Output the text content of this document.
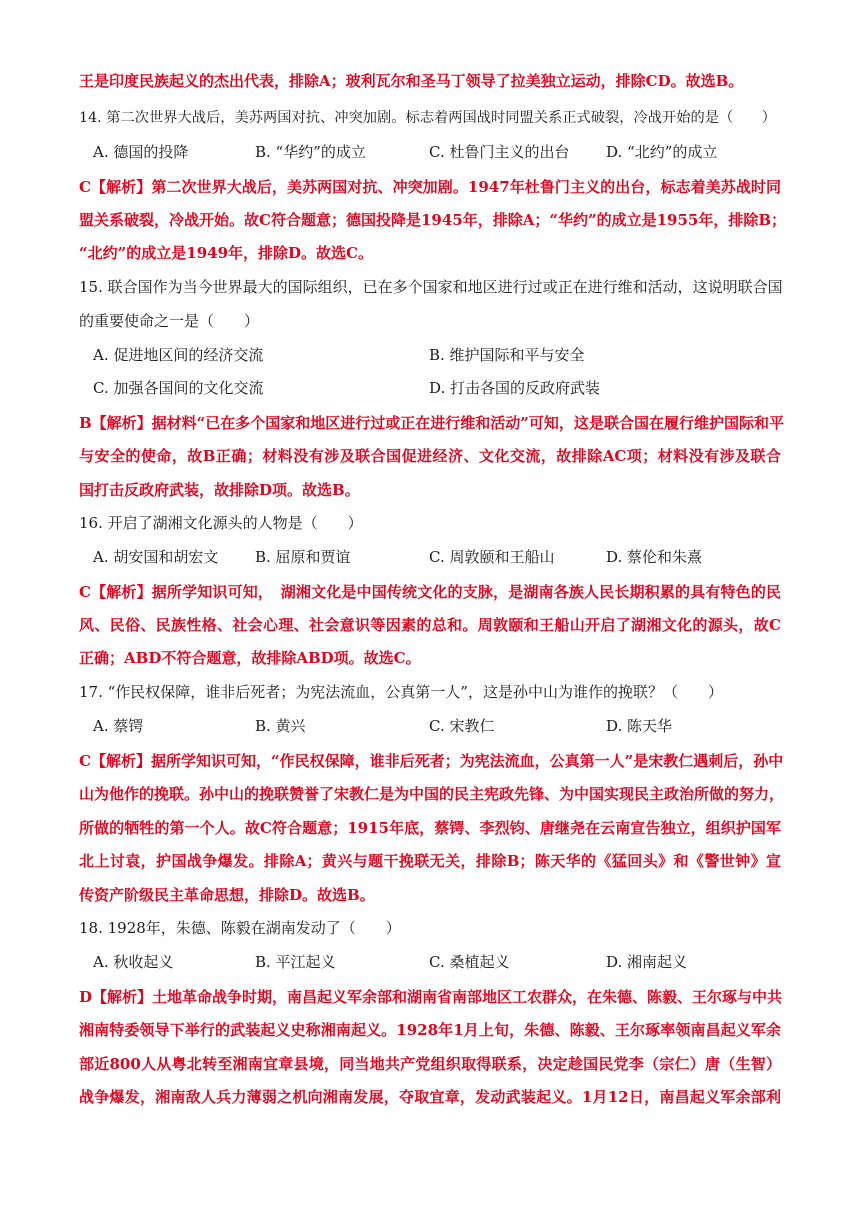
王是印度民族起义的杰出代表，排除A；玻利瓦尔和圣马丁领导了拉美独立运动，排除CD。故选B。
14. 第二次世界大战后，美苏两国对抗、冲突加剧。标志着两国战时同盟关系正式破裂，冷战开始的是（　　）
A. 德国的投降	B. “华约”的成立	C. 杜鲁门主义的出台 D. “北约”的成立
C【解析】第二次世界大战后，美苏两国对抗、冲突加剧。1947年杜鲁门主义的出台，标志着美苏战时同
盟关系破裂，冷战开始。故C符合题意；德国投降是1945年，排除A；“华约”的成立是1955年，排除B；
“北约”的成立是1949年，排除D。故选C。
15. 联合国作为当今世界最大的国际组织，已在多个国家和地区进行过或正在进行维和活动，这说明联合国
的重要使命之一是（　　）
A. 促进地区间的经济交流	B. 维护国际和平与安全
C. 加强各国间的文化交流	D. 打击各国的反政府武装
B【解析】据材料“已在多个国家和地区进行过或正在进行维和活动”可知，这是联合国在履行维护国际和平
与安全的使命，故B正确；材料没有涉及联合国促进经济、文化交流，故排除AC项；材料没有涉及联合
国打击反政府武装，故排除D项。故选B。
16. 开启了湖湘文化源头的人物是（　　）
A. 胡安国和胡宏文 B. 屈原和贾谊	C. 周敦颐和王船山	D. 蔡伦和朱熹
C【解析】据所学知识可知，　湖湘文化是中国传统文化的支脉，是湖南各族人民长期积累的具有特色的民
风、民俗、民族性格、社会心理、社会意识等因素的总和。周敦颐和王船山开启了湖湘文化的源头，故C
正确；ABD不符合题意，故排除ABD项。故选C。
17. “作民权保障，谁非后死者；为宪法流血，公真第一人”，这是孙中山为谁作的挽联？（　　）
A. 蔡锷	B. 黄兴	C. 宋教仁	D. 陈天华
C【解析】据所学知识可知，“作民权保障，谁非后死者；为宪法流血，公真第一人”是宋教仁遇刺后，孙中
山为他作的挽联。孙中山的挽联赞誉了宋教仁是为中国的民主宪政先锋、为中国实现民主政治所做的努力，
所做的牺牲的第一个人。故C符合题意；1915年底，蔡锷、李烈钧、唐继尧在云南宣告独立，组织护国军
北上讨袁，护国战争爆发。排除A；黄兴与题干挽联无关，排除B；陈天华的《猛回头》和《警世钟》宣
传资产阶级民主革命思想，排除D。故选B。
18. 1928年，朱德、陈毅在湖南发动了（　　）
A. 秋收起义	B. 平江起义	C. 桑植起义	D. 湘南起义
D【解析】土地革命战争时期，南昌起义军余部和湖南省南部地区工农群众，在朱德、陈毅、王尔琢与中共
湘南特委领导下举行的武装起义史称湘南起义。1928年1月上旬，朱德、陈毅、王尔琢率领南昌起义军余
部近800人从粤北转至湘南宜章县境，同当地共产党组织取得联系，决定趁国民党李（宗仁）唐（生智）
战争爆发，湘南敌人兵力薄弱之机向湘南发展，夺取宜章，发动武装起义。1月12日，南昌起义军余部利
